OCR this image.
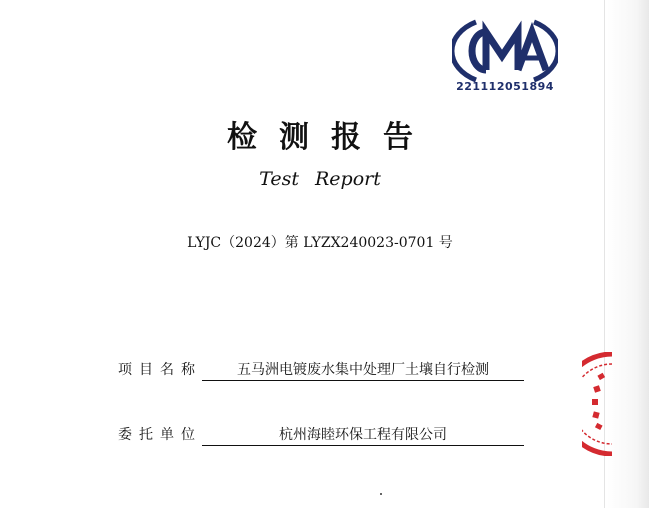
221112051894
检测报告
Test Report
LYJC（2024）第 LYZX240023-0701 号
项目名称	五马洲电镀废水集中处理厂土壤自行检测
委托单位	杭州海睦环保工程有限公司
